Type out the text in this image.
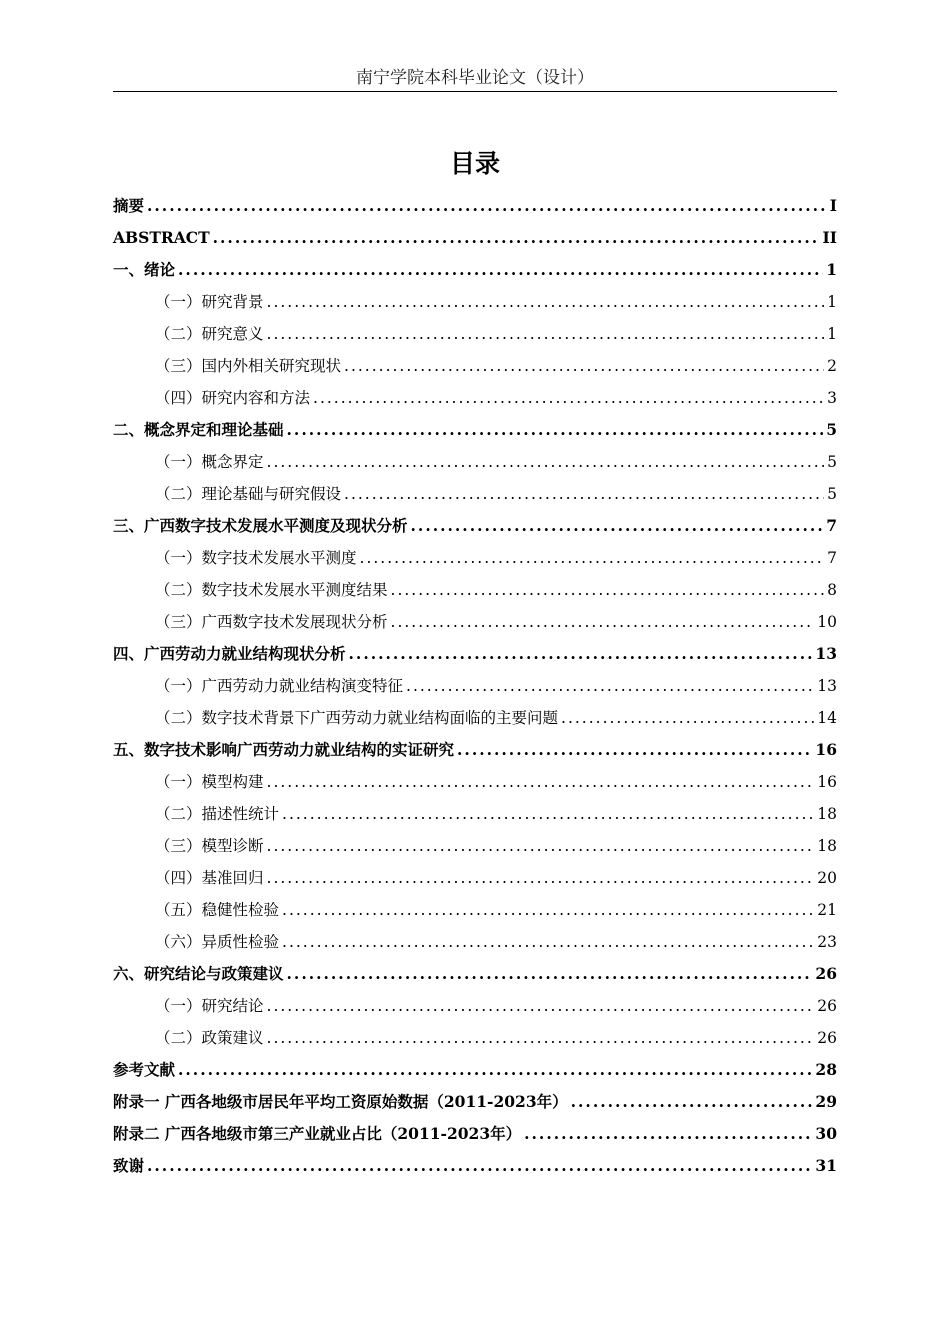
南宁学院本科毕业论文（设计）
目录
摘要 .....	I
ABSTRACT .....	II
一、 绪论 .....	1
（一）研究背景 .....	1
（二）研究意义 .....	1
（三）国内外相关研究现状 .....	2
（四）研究内容和方法 .....	3
二、 概念界定和理论基础 .....	5
（一）概念界定 .....	5
（二）理论基础与研究假设 .....	5
三、 广西数字技术发展水平测度及现状分析 .....	7
（一）数字技术发展水平测度 .....	7
（二）数字技术发展水平测度结果 .....	8
（三）广西数字技术发展现状分析 .....	10
四、 广西劳动力就业结构现状分析 .....	13
（一）广西劳动力就业结构演变特征 .....	13
（二）数字技术背景下广西劳动力就业结构面临的主要问题 .....	14
五、 数字技术影响广西劳动力就业结构的实证研究 .....	16
（一）模型构建 .....	16
（二）描述性统计 .....	18
（三）模型诊断 .....	18
（四）基准回归 .....	20
（五）稳健性检验 .....	21
（六）异质性检验 .....	23
六、 研究结论与政策建议 .....	26
（一）研究结论 .....	26
（二）政策建议 .....	26
参考文献 .....	28
附录一 广西各地级市居民年平均工资原始数据（2011-2023年） .....	29
附录二 广西各地级市第三产业就业占比（2011-2023年） .....	30
致谢 .....	31
